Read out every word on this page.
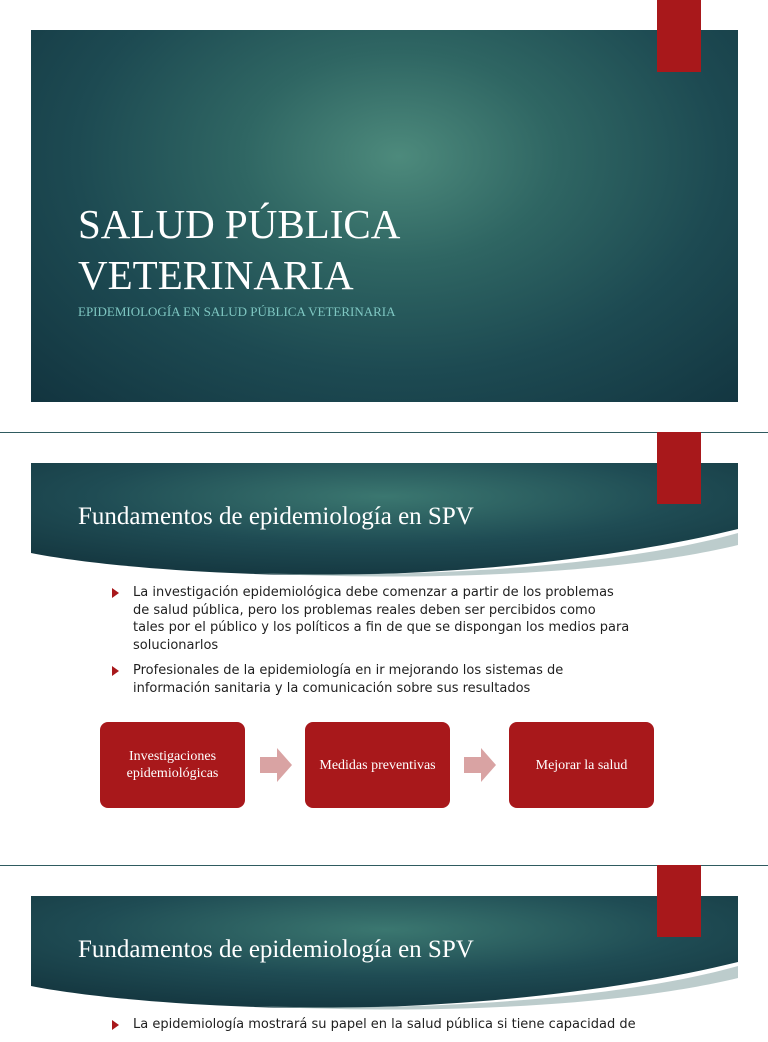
SALUD PÚBLICA
VETERINARIA

EPIDEMIOLOGÍA EN SALUD PÚBLICA VETERINARIA

Fundamentos de epidemiología en SPV
La investigación epidemiológica debe comenzar a partir de los problemas de salud pública, pero los problemas reales deben ser percibidos como tales por el público y los políticos a fin de que se dispongan los medios para solucionarlos
Profesionales de la epidemiología en ir mejorando los sistemas de información sanitaria y la comunicación sobre sus resultados
Investigaciones epidemiológicas
Medidas preventivas	Mejorar la salud
Fundamentos de epidemiología en SPV
La epidemiología mostrará su papel en la salud pública si tiene capacidad de
